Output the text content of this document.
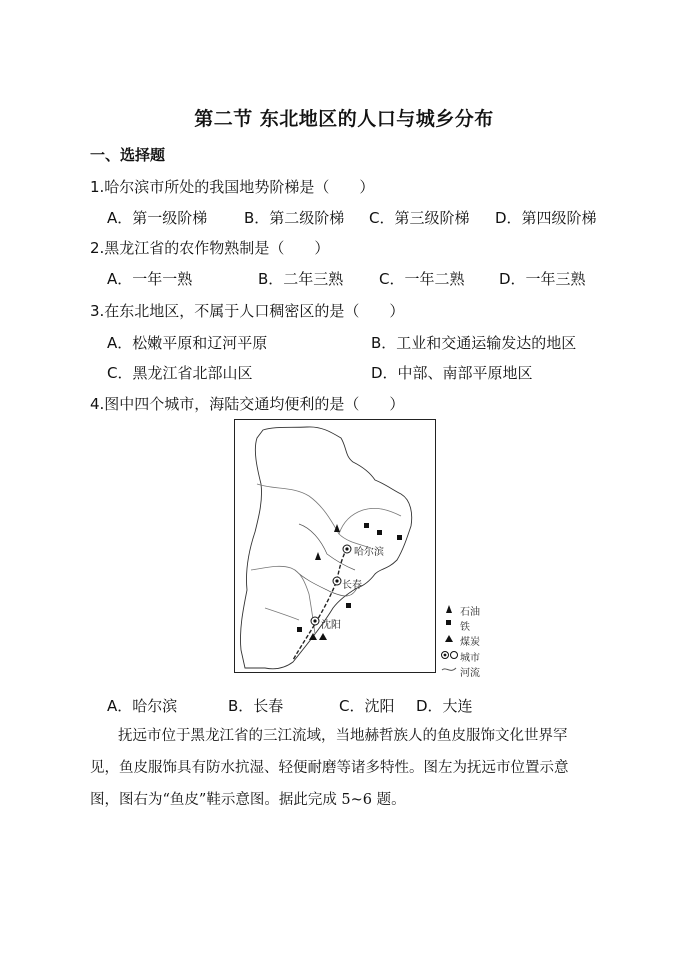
第二节 东北地区的人口与城乡分布
一、选择题
1.哈尔滨市所处的我国地势阶梯是（　　）
A．第一级阶梯 B．第二级阶梯 C．第三级阶梯 D．第四级阶梯
2.黑龙江省的农作物熟制是（　　）
A．一年一熟	B．二年三熟 C．一年二熟 D．一年三熟
3.在东北地区，不属于人口稠密区的是（　　）
A．松嫩平原和辽河平原	B．工业和交通运输发达的地区
C．黑龙江省北部山区	D．中部、南部平原地区
4.图中四个城市，海陆交通均便利的是（　　）
哈尔滨
长春
沈阳
石油
铁
煤炭
城市
河流
A．哈尔滨	B．长春	C．沈阳 D．大连
抚远市位于黑龙江省的三江流域，当地赫哲族人的鱼皮服饰文化世界罕
见，鱼皮服饰具有防水抗湿、轻便耐磨等诸多特性。图左为抚远市位置示意
图，图右为“鱼皮”鞋示意图。据此完成 5~6 题。
